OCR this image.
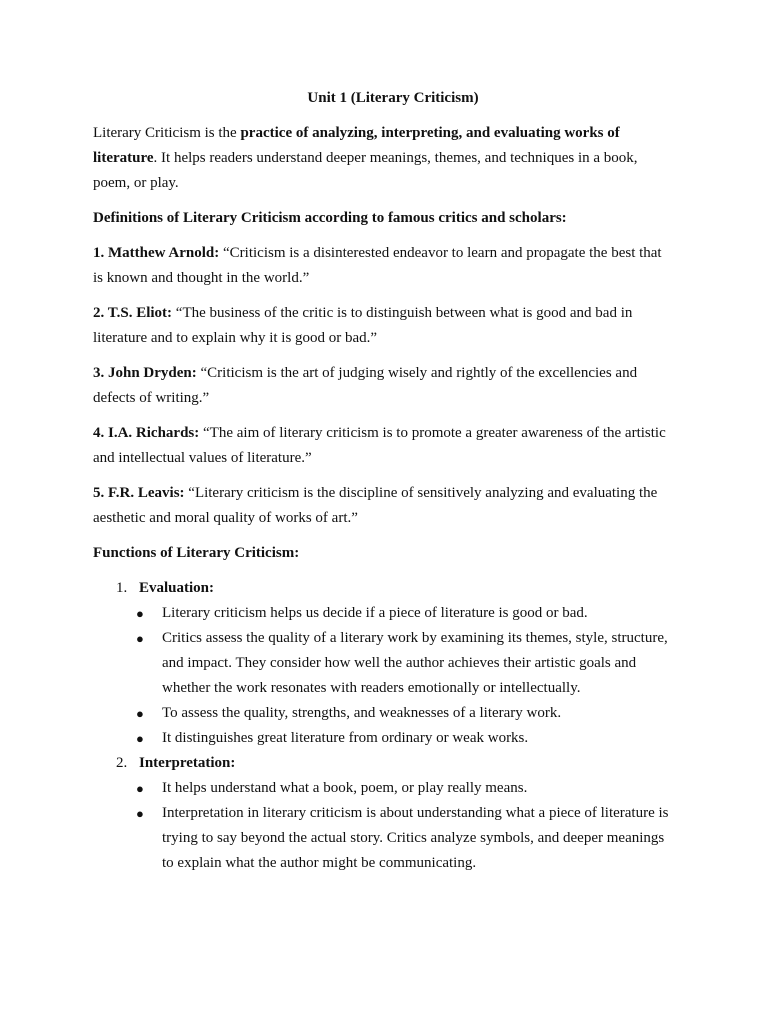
Unit 1 (Literary Criticism)

Literary Criticism is the practice of analyzing, interpreting, and evaluating works of literature. It helps readers understand deeper meanings, themes, and techniques in a book, poem, or play.

Definitions of Literary Criticism according to famous critics and scholars:

1. Matthew Arnold: “Criticism is a disinterested endeavor to learn and propagate the best that is known and thought in the world.”

2. T.S. Eliot: “The business of the critic is to distinguish between what is good and bad in literature and to explain why it is good or bad.”

3. John Dryden: “Criticism is the art of judging wisely and rightly of the excellencies and defects of writing.”

4. I.A. Richards: “The aim of literary criticism is to promote a greater awareness of the artistic and intellectual values of literature.”

5. F.R. Leavis: “Literary criticism is the discipline of sensitively analyzing and evaluating the aesthetic and moral quality of works of art.”

Functions of Literary Criticism:

1. Evaluation:
● Literary criticism helps us decide if a piece of literature is good or bad.
● Critics assess the quality of a literary work by examining its themes, style, structure, and impact. They consider how well the author achieves their artistic goals and whether the work resonates with readers emotionally or intellectually.
● To assess the quality, strengths, and weaknesses of a literary work.
● It distinguishes great literature from ordinary or weak works.
2. Interpretation:
● It helps understand what a book, poem, or play really means.
● Interpretation in literary criticism is about understanding what a piece of literature is trying to say beyond the actual story. Critics analyze symbols, and deeper meanings to explain what the author might be communicating.
